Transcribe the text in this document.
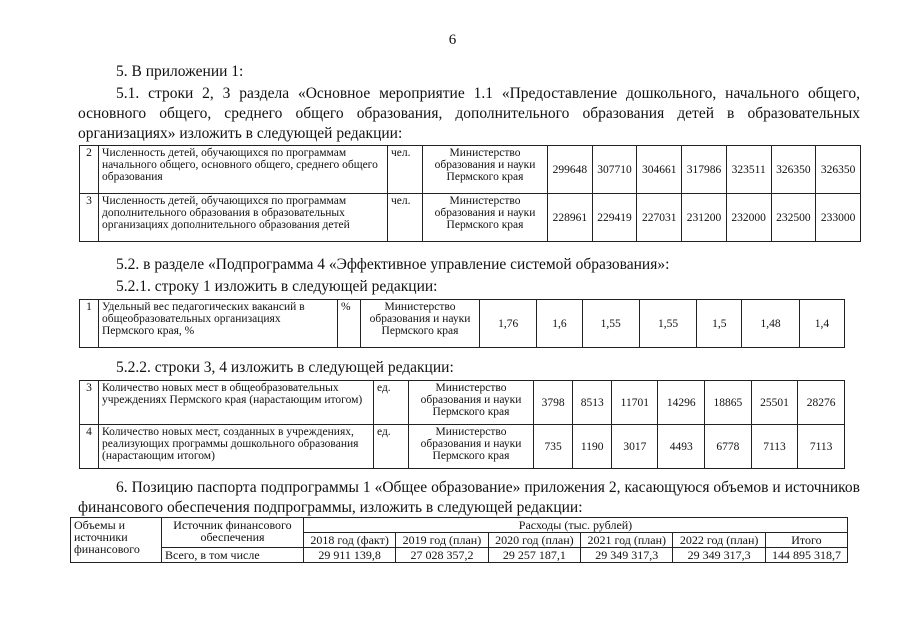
6
5. В приложении 1:
5.1. строки 2, 3 раздела «Основное мероприятие 1.1 «Предоставление дошкольного, начального общего, основного общего, среднего общего образования, дополнительного образования детей в образовательных организациях» изложить в следующей редакции:
2	Численность детей, обучающихся по программам начального общего, основного общего, среднего общего образования	чел.	Министерство образования и науки Пермского края	299648	307710	304661	317986	323511	326350	326350
3	Численность детей, обучающихся по программам дополнительного образования в образовательных организациях дополнительного образования детей	чел.	Министерство образования и науки Пермского края	228961	229419	227031	231200	232000	232500	233000
5.2. в разделе «Подпрограмма 4 «Эффективное управление системой образования»:
5.2.1. строку 1 изложить в следующей редакции:
1	Удельный вес педагогических вакансий в общеобразовательных организациях Пермского края, %	%	Министерство образования и науки Пермского края	1,76	1,6	1,55	1,55	1,5	1,48	1,4
5.2.2. строки 3, 4 изложить в следующей редакции:
3	Количество новых мест в общеобразовательных учреждениях Пермского края (нарастающим итогом)	ед.	Министерство образования и науки Пермского края	3798	8513	11701	14296	18865	25501	28276
4	Количество новых мест, созданных в учреждениях, реализующих программы дошкольного образования (нарастающим итогом)	ед.	Министерство образования и науки Пермского края	735	1190	3017	4493	6778	7113	7113
6. Позицию паспорта подпрограммы 1 «Общее образование» приложения 2, касающуюся объемов и источников финансового обеспечения подпрограммы, изложить в следующей редакции:
Объемы и источники финансового	Источник финансового обеспечения	Расходы (тыс. рублей)					
		2018 год (факт)	2019 год (план)	2020 год (план)	2021 год (план)	2022 год (план)	Итого
	Всего, в том числе	29 911 139,8	27 028 357,2	29 257 187,1	29 349 317,3	29 349 317,3	144 895 318,7
